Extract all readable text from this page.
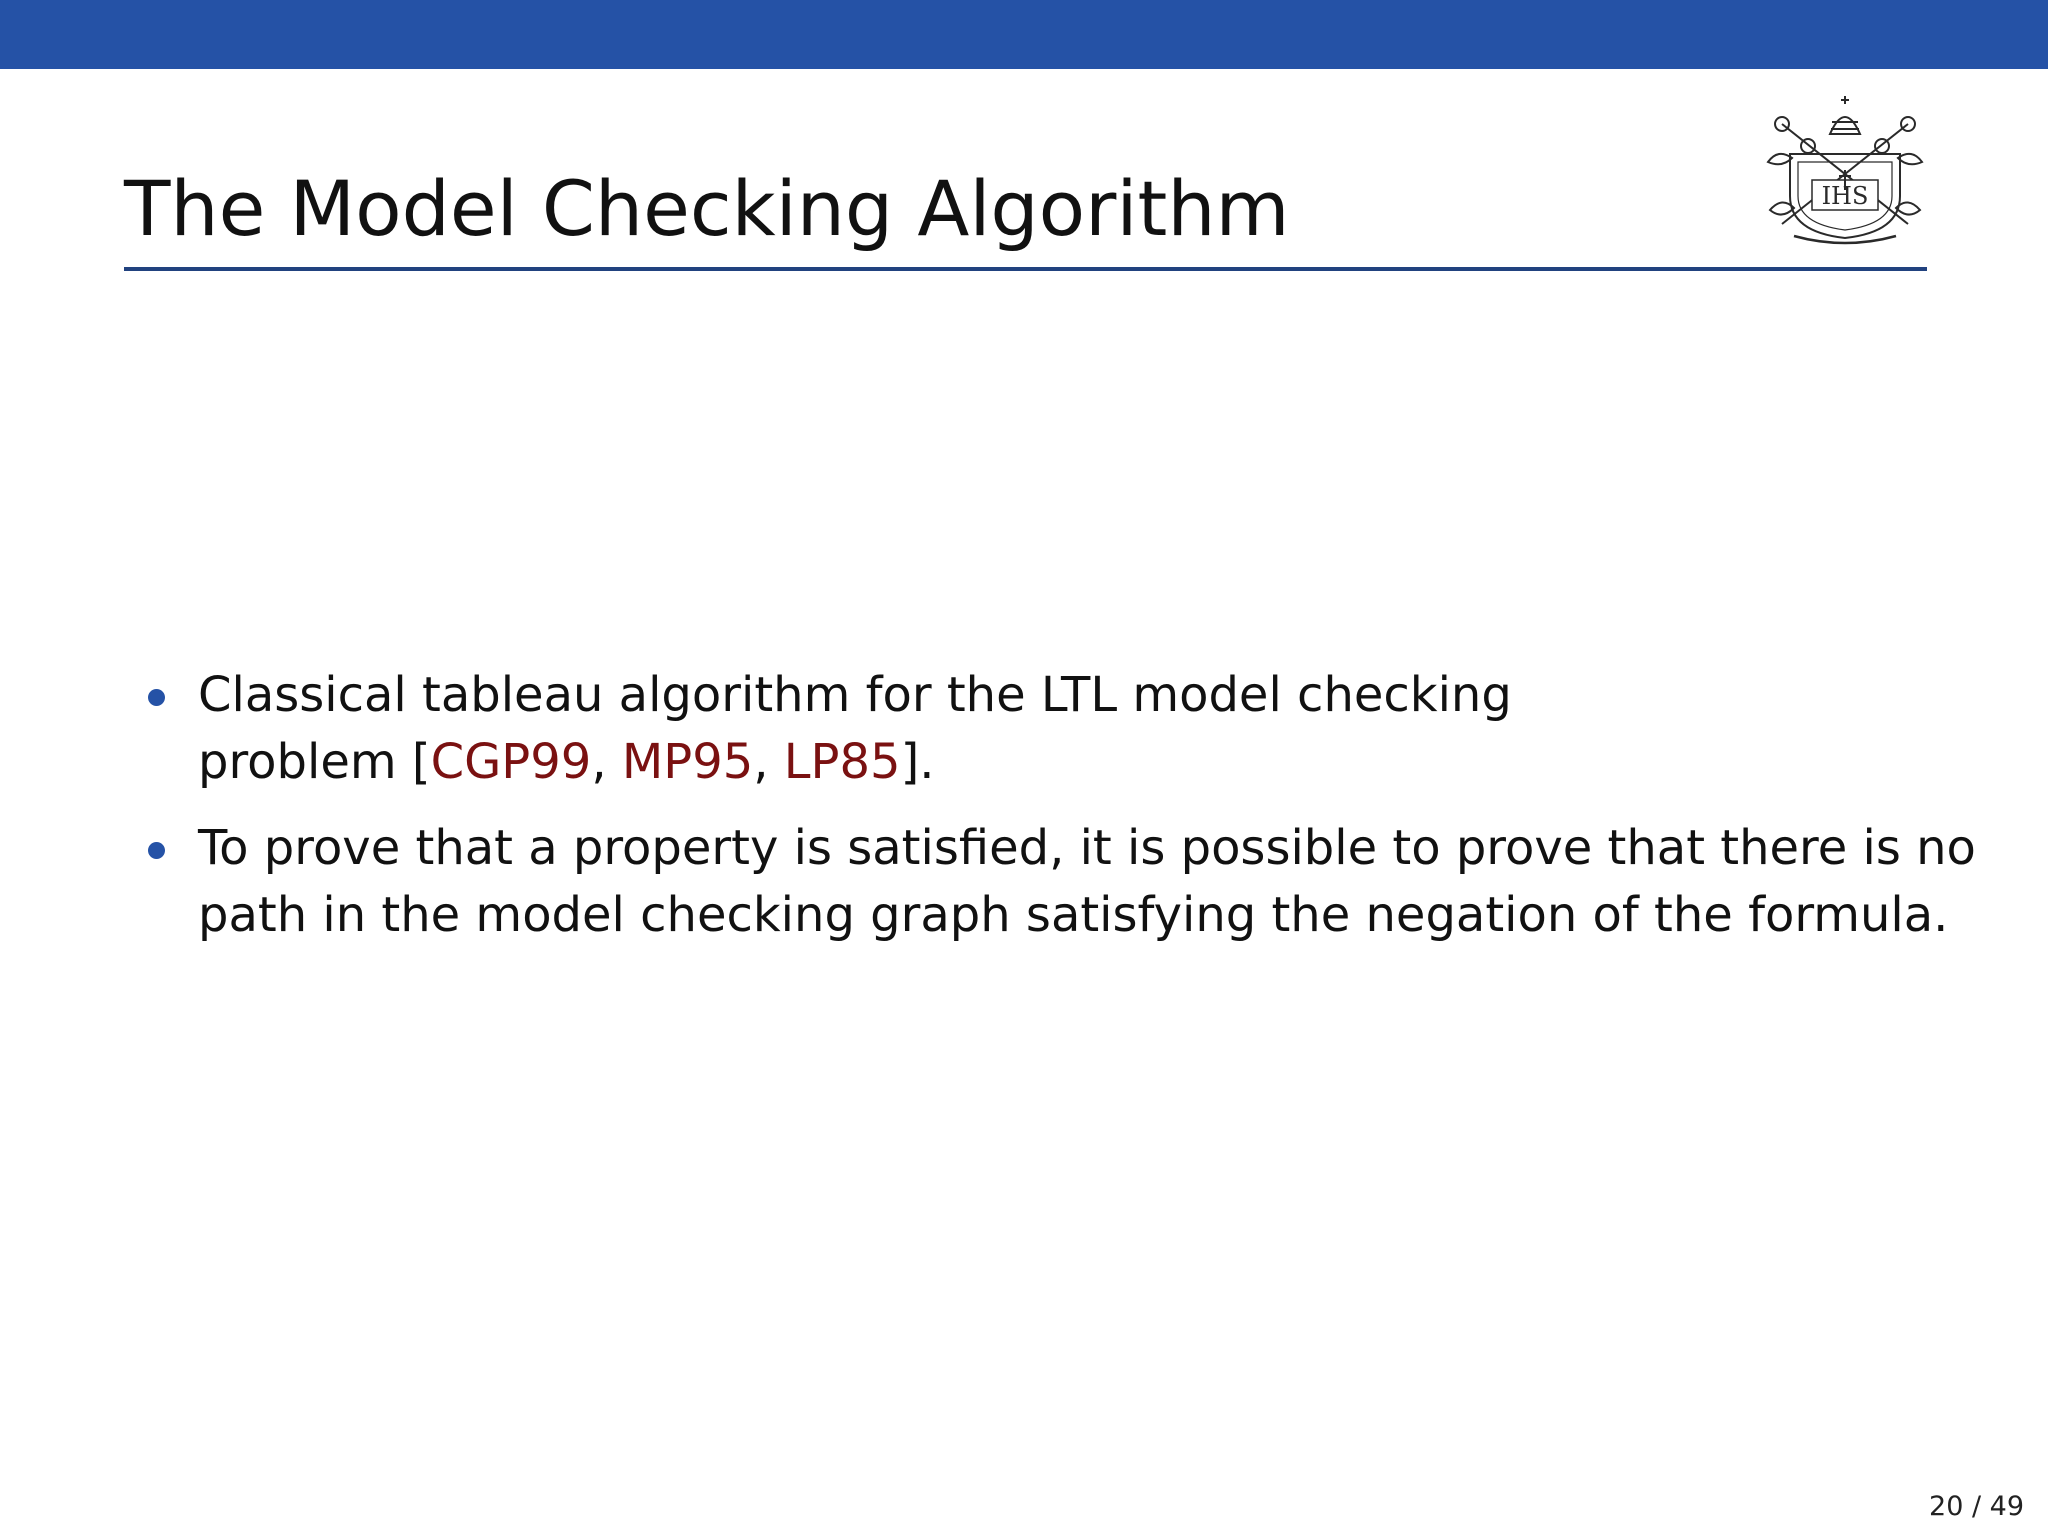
The Model Checking Algorithm	IHS
Classical tableau algorithm for the LTL model checking
problem [CGP99, MP95, LP85].
To prove that a property is satisfied, it is possible to prove that there is no
path in the model checking graph satisfying the negation of the formula.
20 / 49
